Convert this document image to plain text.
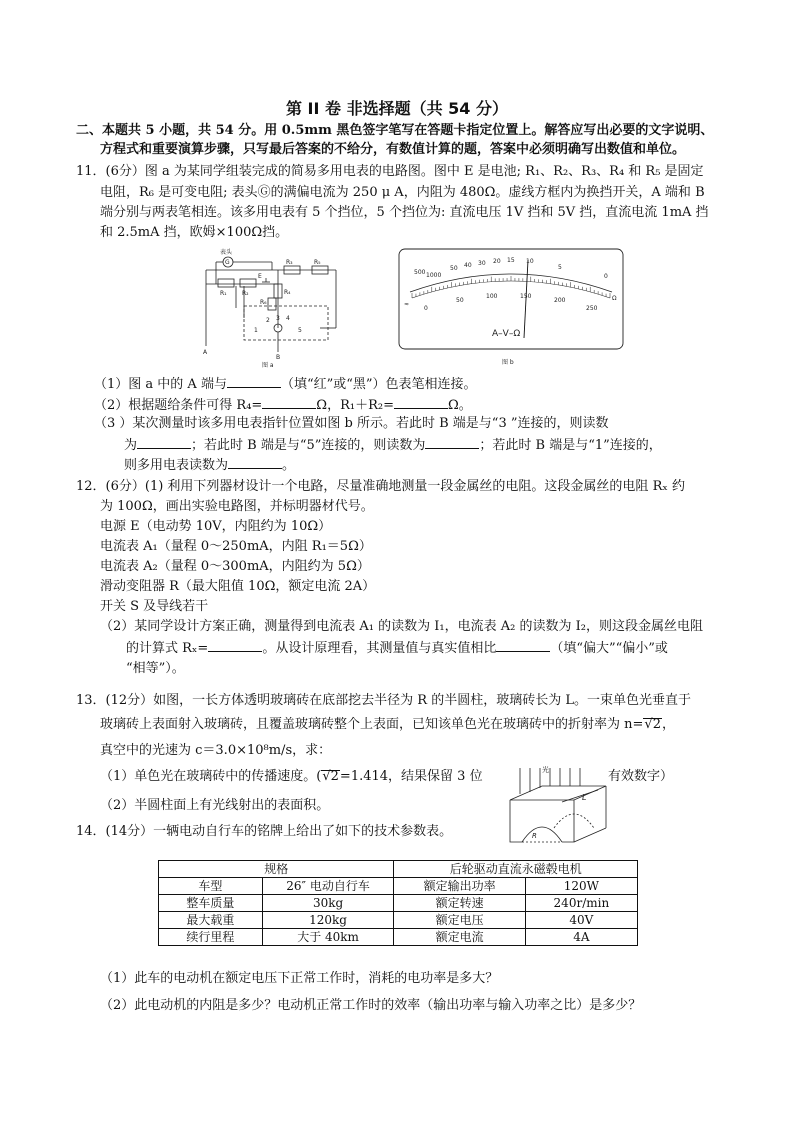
第 II 卷 非选择题（共 54 分）
二、本题共 5 小题，共 54 分。用 0.5mm 黑色签字笔写在答题卡指定位置上。解答应写出必要的文字说明、
方程式和重要演算步骤，只写最后答案的不给分，有数值计算的题，答案中必须明确写出数值和单位。
11．(6分）图 a 为某同学组装完成的简易多用电表的电路图。图中 E 是电池; R₁、R₂、R₃、R₄ 和 R₅ 是固定
电阻，R₆ 是可变电阻; 表头Ⓖ的满偏电流为 250 μ A，内阻为 480Ω。虚线方框内为换挡开关，A 端和 B
端分别与两表笔相连。该多用电表有 5 个挡位，5 个挡位为: 直流电压 1V 挡和 5V 挡，直流电流 1mA 挡
和 2.5mA 挡，欧姆×100Ω挡。
表头
G
R₁	R₂
R₃	R₅
R₄
R₆
E
1
2 3 4
5
A
B
图 a
500 1000
50 40 30 20 15 10
5
0
0
50
100	150
200
250
≈
Ω
图 b
A–V–Ω
（1）图 a 中的 A 端与	（填“红”或“黑”）色表笔相连接。
（2）根据题给条件可得 R₄=	Ω，R₁＋R₂=	Ω。
（3 ）某次测量时该多用电表指针位置如图 b 所示。若此时 B 端是与“3 ”连接的，则读数
为	；若此时 B 端是与“5”连接的，则读数为	；若此时 B 端是与“1”连接的，
则多用电表读数为	。
12．(6分）(1) 利用下列器材设计一个电路，尽量准确地测量一段金属丝的电阻。这段金属丝的电阻 Rₓ 约
为 100Ω，画出实验电路图，并标明器材代号。
电源 E（电动势 10V，内阻约为 10Ω）
电流表 A₁（量程 0～250mA，内阻 R₁＝5Ω）
电流表 A₂（量程 0～300mA，内阻约为 5Ω）
滑动变阻器 R（最大阻值 10Ω，额定电流 2A）
开关 S 及导线若干
（2）某同学设计方案正确，测量得到电流表 A₁ 的读数为 I₁，电流表 A₂ 的读数为 I₂，则这段金属丝电阻
的计算式 Rₓ=	。从设计原理看，其测量值与真实值相比	（填“偏大”“偏小”或
“相等”）。
13．(12分）如图，一长方体透明玻璃砖在底部挖去半径为 R 的半圆柱，玻璃砖长为 L。一束单色光垂直于
玻璃砖上表面射入玻璃砖，且覆盖玻璃砖整个上表面，已知该单色光在玻璃砖中的折射率为 n=√2，
真空中的光速为 c＝3.0×10⁸m/s，求：
（1）单色光在玻璃砖中的传播速度。(√2=1.414，结果保留 3 位	有效数字）
（2）半圆柱面上有光线射出的表面积。
光
L
R
14．(14分）一辆电动自行车的铭牌上给出了如下的技术参数表。
规格		后轮驱动直流永磁毂电机	
车型	26″ 电动自行车	额定输出功率	120W
整车质量	30kg	额定转速	240r/min
最大载重	120kg	额定电压	40V
续行里程	大于 40km	额定电流	4A
（1）此车的电动机在额定电压下正常工作时，消耗的电功率是多大？
（2）此电动机的内阻是多少？电动机正常工作时的效率（输出功率与输入功率之比）是多少？
